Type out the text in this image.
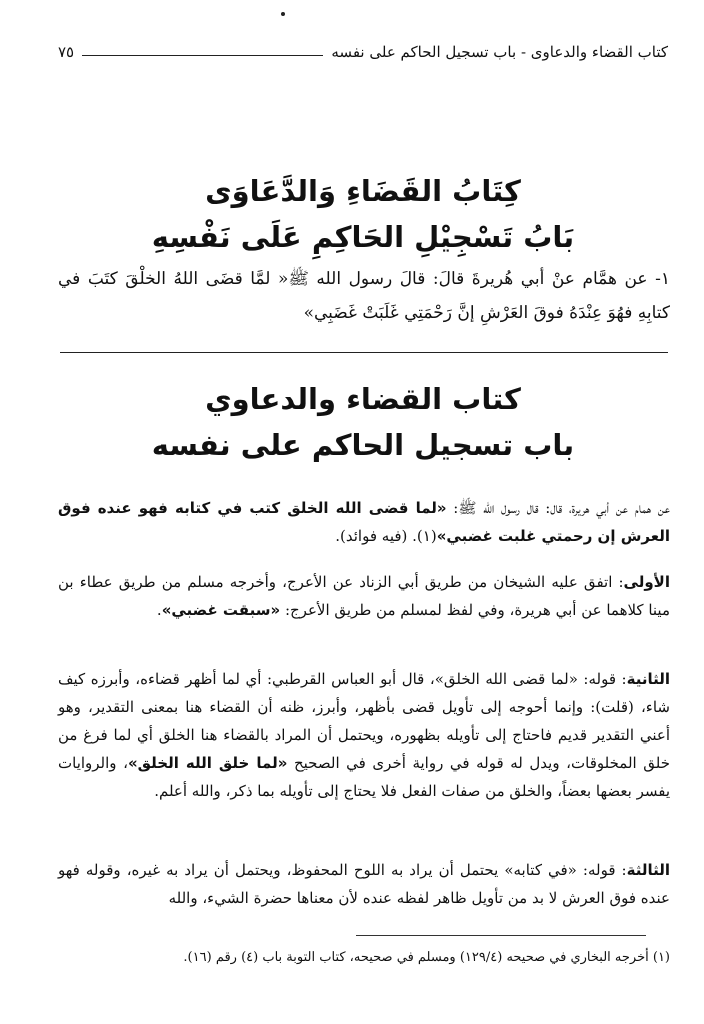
كتاب القضاء والدعاوى - باب تسجيل الحاكم على نفسه
٧٥
كِتَابُ القَضَاءِ وَالدَّعَاوَى
بَابُ تَسْجِيْلِ الحَاكِمِ عَلَى نَفْسِهِ
١- عن همَّام عنْ أبي هُريرةَ قالَ: قالَ رسول الله ﷺ« لمَّا قضَى اللهُ الخلْقَ كتَبَ في كتابِهِ فهُوَ عِنْدَهُ فوقَ العَرْشِ إنَّ رَحْمَتِي غَلَبَتْ غَضَبِي»
كتاب القضاء والدعاوي
باب تسجيل الحاكم على نفسه
عن همام عن أبي هريرة، قال: قال رسول الله ﷺ: «لما قضى الله الخلق كتب في كتابه فهو عنده فوق العرش إن رحمتي غلبت غضبي»(١). (فيه فوائد).
الأولى: اتفق عليه الشيخان من طريق أبي الزناد عن الأعرج، وأخرجه مسلم من طريق عطاء بن مينا كلاهما عن أبي هريرة، وفي لفظ لمسلم من طريق الأعرج: «سبقت غضبي».
الثانية: قوله: «لما قضى الله الخلق»، قال أبو العباس القرطبي: أي لما أظهر قضاءه، وأبرزه كيف شاء، (قلت): وإنما أحوجه إلى تأويل قضى بأظهر، وأبرز، ظنه أن القضاء هنا بمعنى التقدير، وهو أعني التقدير قديم فاحتاج إلى تأويله بظهوره، ويحتمل أن المراد بالقضاء هنا الخلق أي لما فرغ من خلق المخلوقات، ويدل له قوله في رواية أخرى في الصحيح «لما خلق الله الخلق»، والروايات يفسر بعضها بعضاً، والخلق من صفات الفعل فلا يحتاج إلى تأويله بما ذكر، والله أعلم.
الثالثة: قوله: «في كتابه» يحتمل أن يراد به اللوح المحفوظ، ويحتمل أن يراد به غيره، وقوله فهو عنده فوق العرش لا بد من تأويل ظاهر لفظه عنده لأن معناها حضرة الشيء، والله
(١) أخرجه البخاري في صحيحه (١٢٩/٤) ومسلم في صحيحه، كتاب التوبة باب (٤) رقم (١٦).
